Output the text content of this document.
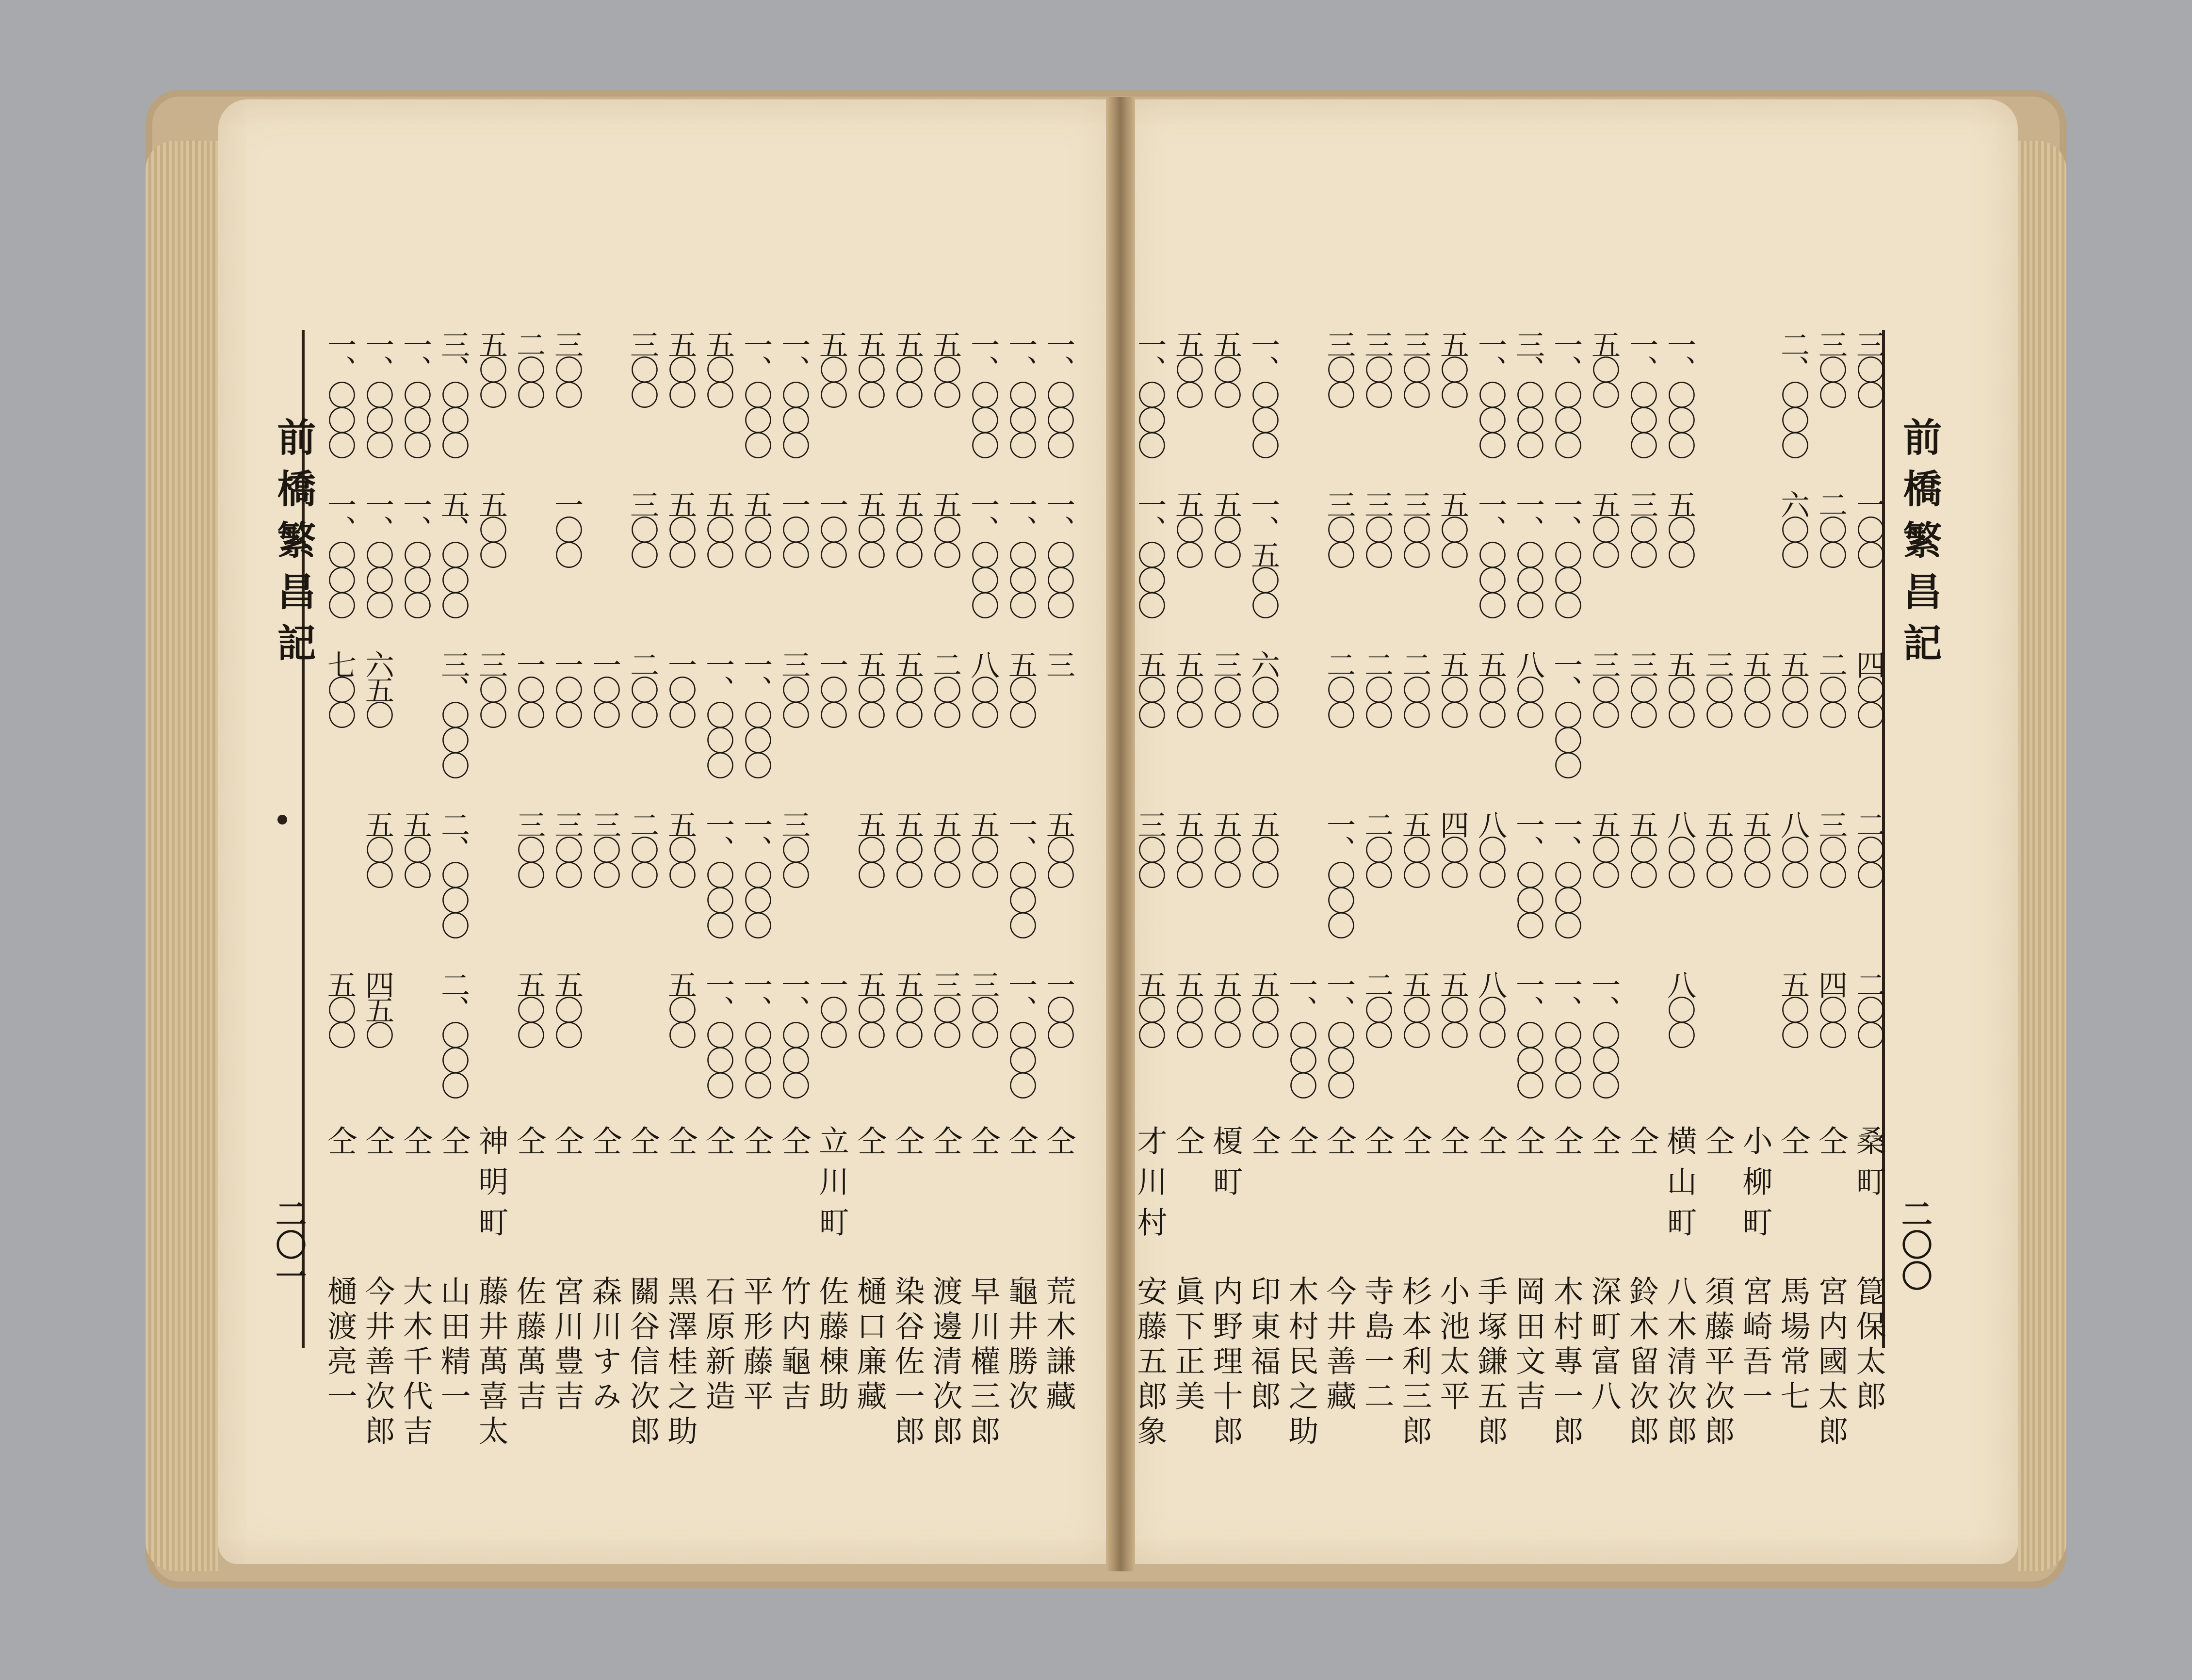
前橋繁昌記
二〇一
一、〇〇〇
一、〇〇〇
三
五〇〇
一〇〇
仝
荒木謙藏
一、〇〇〇
一、〇〇〇
五〇〇
一、〇〇〇
一、〇〇〇
仝
龜井勝次
一、〇〇〇
一、〇〇〇
八〇〇
五〇〇
三〇〇
仝
早川權三郎
五〇〇
五〇〇
二〇〇
五〇〇
三〇〇
仝
渡邊清次郎
五〇〇
五〇〇
五〇〇
五〇〇
五〇〇
仝
染谷佐一郎
五〇〇
五〇〇
五〇〇
五〇〇
五〇〇
仝
樋口廉藏
五〇〇
一〇〇
一〇〇
一〇〇
立川町
佐藤棟助
一、〇〇〇
一〇〇
三〇〇
三〇〇
一、〇〇〇
仝
竹内龜吉
一、〇〇〇
五〇〇
一、〇〇〇
一、〇〇〇
一、〇〇〇
仝
平形藤平
五〇〇
五〇〇
一、〇〇〇
一、〇〇〇
一、〇〇〇
仝
石原新造
五〇〇
五〇〇
一〇〇
五〇〇
五〇〇
仝
黑澤桂之助
三〇〇
三〇〇
二〇〇
二〇〇
仝
關谷信次郎
一〇〇
三〇〇
仝
森川すみ
三〇〇
一〇〇
一〇〇
三〇〇
五〇〇
仝
宮川豊吉
二〇〇
一〇〇
三〇〇
五〇〇
仝
佐藤萬吉
五〇〇
五〇〇
三〇〇
神明町
藤井萬喜太
三、〇〇〇
五、〇〇〇
三、〇〇〇
二、〇〇〇
二、〇〇〇
仝
山田精一
一、〇〇〇
一、〇〇〇
五〇〇
仝
大木千代吉
一、〇〇〇
一、〇〇〇
六五〇
五〇〇
四五〇
仝
今井善次郎
一、〇〇〇
一、〇〇〇
七〇〇
五〇〇
仝
樋渡亮一
前橋繁昌記
二〇〇
三〇〇
一〇〇
四〇〇
二〇〇
二〇〇
桑町
箟保太郎
三〇〇
二〇〇
二〇〇
三〇〇
四〇〇
仝
宮内國太郎
二、〇〇〇
六〇〇
五〇〇
八〇〇
五〇〇
仝
馬場常七
五〇〇
五〇〇
小柳町
宮崎吾一
三〇〇
五〇〇
仝
須藤平次郎
一、〇〇〇
五〇〇
五〇〇
八〇〇
八〇〇
横山町
八木清次郎
一、〇〇〇
三〇〇
三〇〇
五〇〇
仝
鈴木留次郎
五〇〇
五〇〇
三〇〇
五〇〇
一、〇〇〇
仝
深町富八
一、〇〇〇
一、〇〇〇
一、〇〇〇
一、〇〇〇
一、〇〇〇
仝
木村專一郎
三、〇〇〇
一、〇〇〇
八〇〇
一、〇〇〇
一、〇〇〇
仝
岡田文吉
一、〇〇〇
一、〇〇〇
五〇〇
八〇〇
八〇〇
仝
手塚鎌五郎
五〇〇
五〇〇
五〇〇
四〇〇
五〇〇
仝
小池太平
三〇〇
三〇〇
二〇〇
五〇〇
五〇〇
仝
杉本利三郎
三〇〇
三〇〇
二〇〇
二〇〇
二〇〇
仝
寺島一二
三〇〇
三〇〇
二〇〇
一、〇〇〇
一、〇〇〇
仝
今井善藏
一、〇〇〇
仝
木村民之助
一、〇〇〇
一、五〇〇
六〇〇
五〇〇
五〇〇
仝
印東福郎
五〇〇
五〇〇
三〇〇
五〇〇
五〇〇
榎町
内野理十郎
五〇〇
五〇〇
五〇〇
五〇〇
五〇〇
仝
眞下正美
一、〇〇〇
一、〇〇〇
五〇〇
三〇〇
五〇〇
才川村
安藤五郎象
